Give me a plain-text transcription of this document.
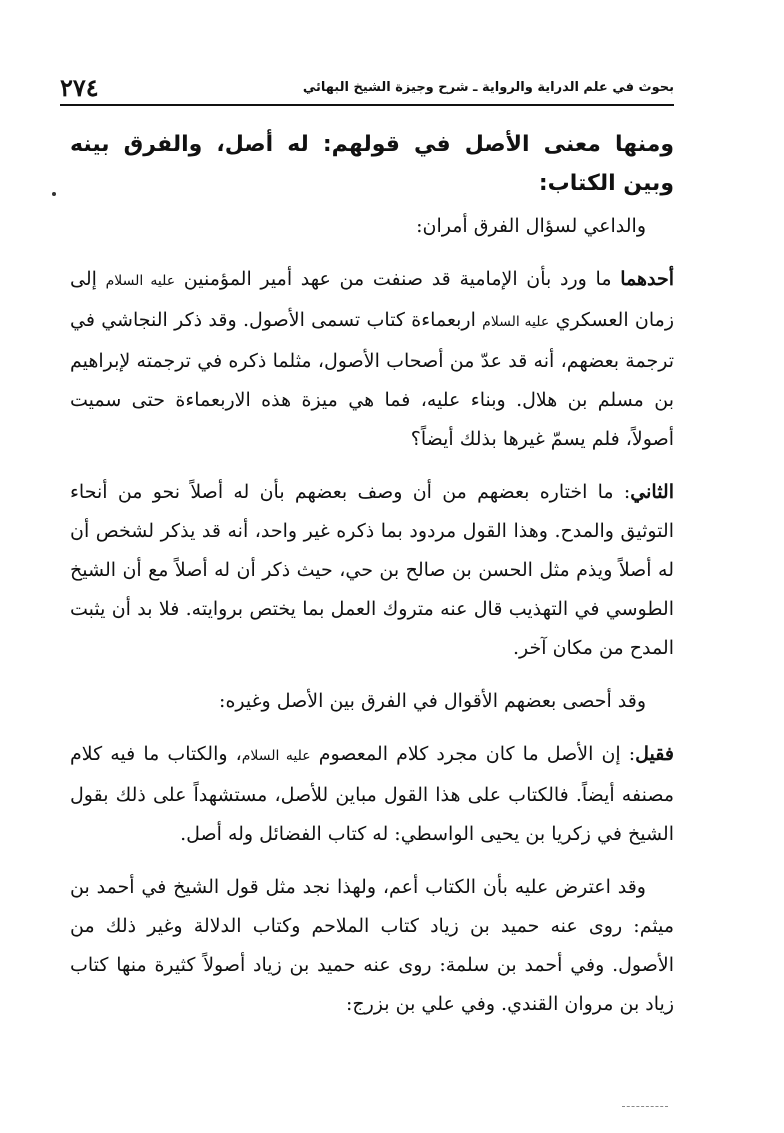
بحوث في علم الدراية والرواية ـ شرح وجيزة الشيخ البهائي
٢٧٤

ومنها معنى الأصل في قولهم: له أصل، والفرق بينه وبين الكتاب:

والداعي لسؤال الفرق أمران:

أحدهما ما ورد بأن الإمامية قد صنفت من عهد أمير المؤمنين عليه السلام إلى زمان العسكري عليه السلام اربعماءة كتاب تسمى الأصول. وقد ذكر النجاشي في ترجمة بعضهم، أنه قد عدّ من أصحاب الأصول، مثلما ذكره في ترجمته لإبراهيم بن مسلم بن هلال. وبناء عليه، فما هي ميزة هذه الاربعماءة حتى سميت أصولاً، فلم يسمّ غيرها بذلك أيضاً؟

الثاني: ما اختاره بعضهم من أن وصف بعضهم بأن له أصلاً نحو من أنحاء التوثيق والمدح. وهذا القول مردود بما ذكره غير واحد، أنه قد يذكر لشخص أن له أصلاً ويذم مثل الحسن بن صالح بن حي، حيث ذكر أن له أصلاً مع أن الشيخ الطوسي في التهذيب قال عنه متروك العمل بما يختص بروايته. فلا بد أن يثبت المدح من مكان آخر.

وقد أحصى بعضهم الأقوال في الفرق بين الأصل وغيره:

فقيل: إن الأصل ما كان مجرد كلام المعصوم عليه السلام، والكتاب ما فيه كلام مصنفه أيضاً. فالكتاب على هذا القول مباين للأصل، مستشهداً على ذلك بقول الشيخ في زكريا بن يحيى الواسطي: له كتاب الفضائل وله أصل.

وقد اعترض عليه بأن الكتاب أعم، ولهذا نجد مثل قول الشيخ في أحمد بن ميثم: روى عنه حميد بن زياد كتاب الملاحم وكتاب الدلالة وغير ذلك من الأصول. وفي أحمد بن سلمة: روى عنه حميد بن زياد أصولاً كثيرة منها كتاب زياد بن مروان القندي. وفي علي بن بزرج:
